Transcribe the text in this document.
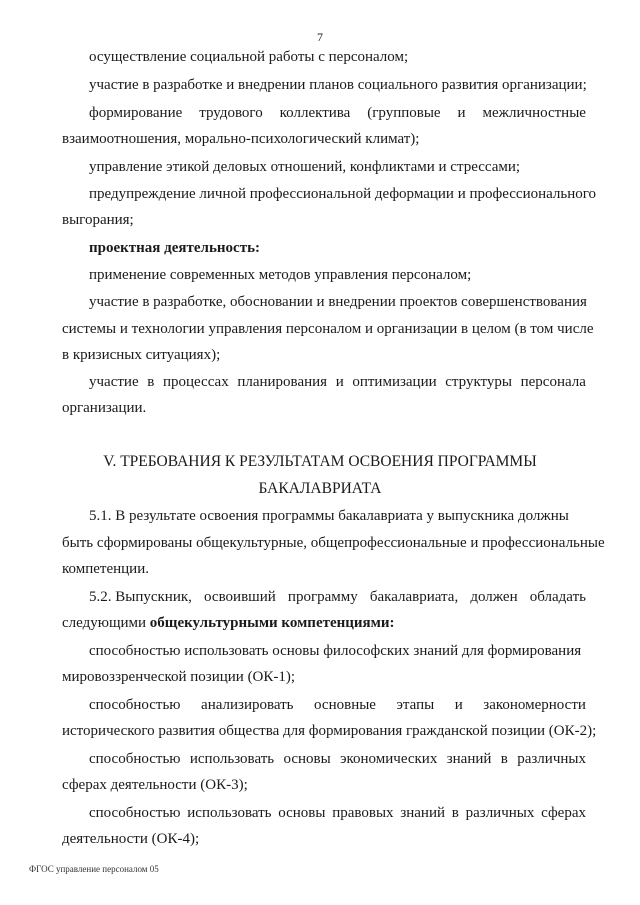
7
осуществление социальной работы с персоналом;
участие в разработке и внедрении планов социального развития организации;
формирование трудового коллектива (групповые и межличностные
взаимоотношения, морально-психологический климат);
управление этикой деловых отношений, конфликтами и стрессами;
предупреждение личной профессиональной деформации и профессионального
выгорания;
проектная деятельность:
применение современных методов управления персоналом;
участие в разработке, обосновании и внедрении проектов совершенствования
системы и технологии управления персоналом и организации в целом (в том числе
в кризисных ситуациях);
участие в процессах планирования и оптимизации структуры персонала
организации.
V. ТРЕБОВАНИЯ К РЕЗУЛЬТАТАМ ОСВОЕНИЯ ПРОГРАММЫ
БАКАЛАВРИАТА
5.1. В результате освоения программы бакалавриата у выпускника должны
быть сформированы общекультурные, общепрофессиональные и профессиональные
компетенции.
5.2. Выпускник, освоивший программу бакалавриата, должен обладать
следующими общекультурными компетенциями:
способностью использовать основы философских знаний для формирования
мировоззренческой позиции (ОК-1);
способностью анализировать основные этапы и закономерности
исторического развития общества для формирования гражданской позиции (ОК-2);
способностью использовать основы экономических знаний в различных
сферах деятельности (ОК-3);
способностью использовать основы правовых знаний в различных сферах
деятельности (ОК-4);
ФГОС управление персоналом 05
